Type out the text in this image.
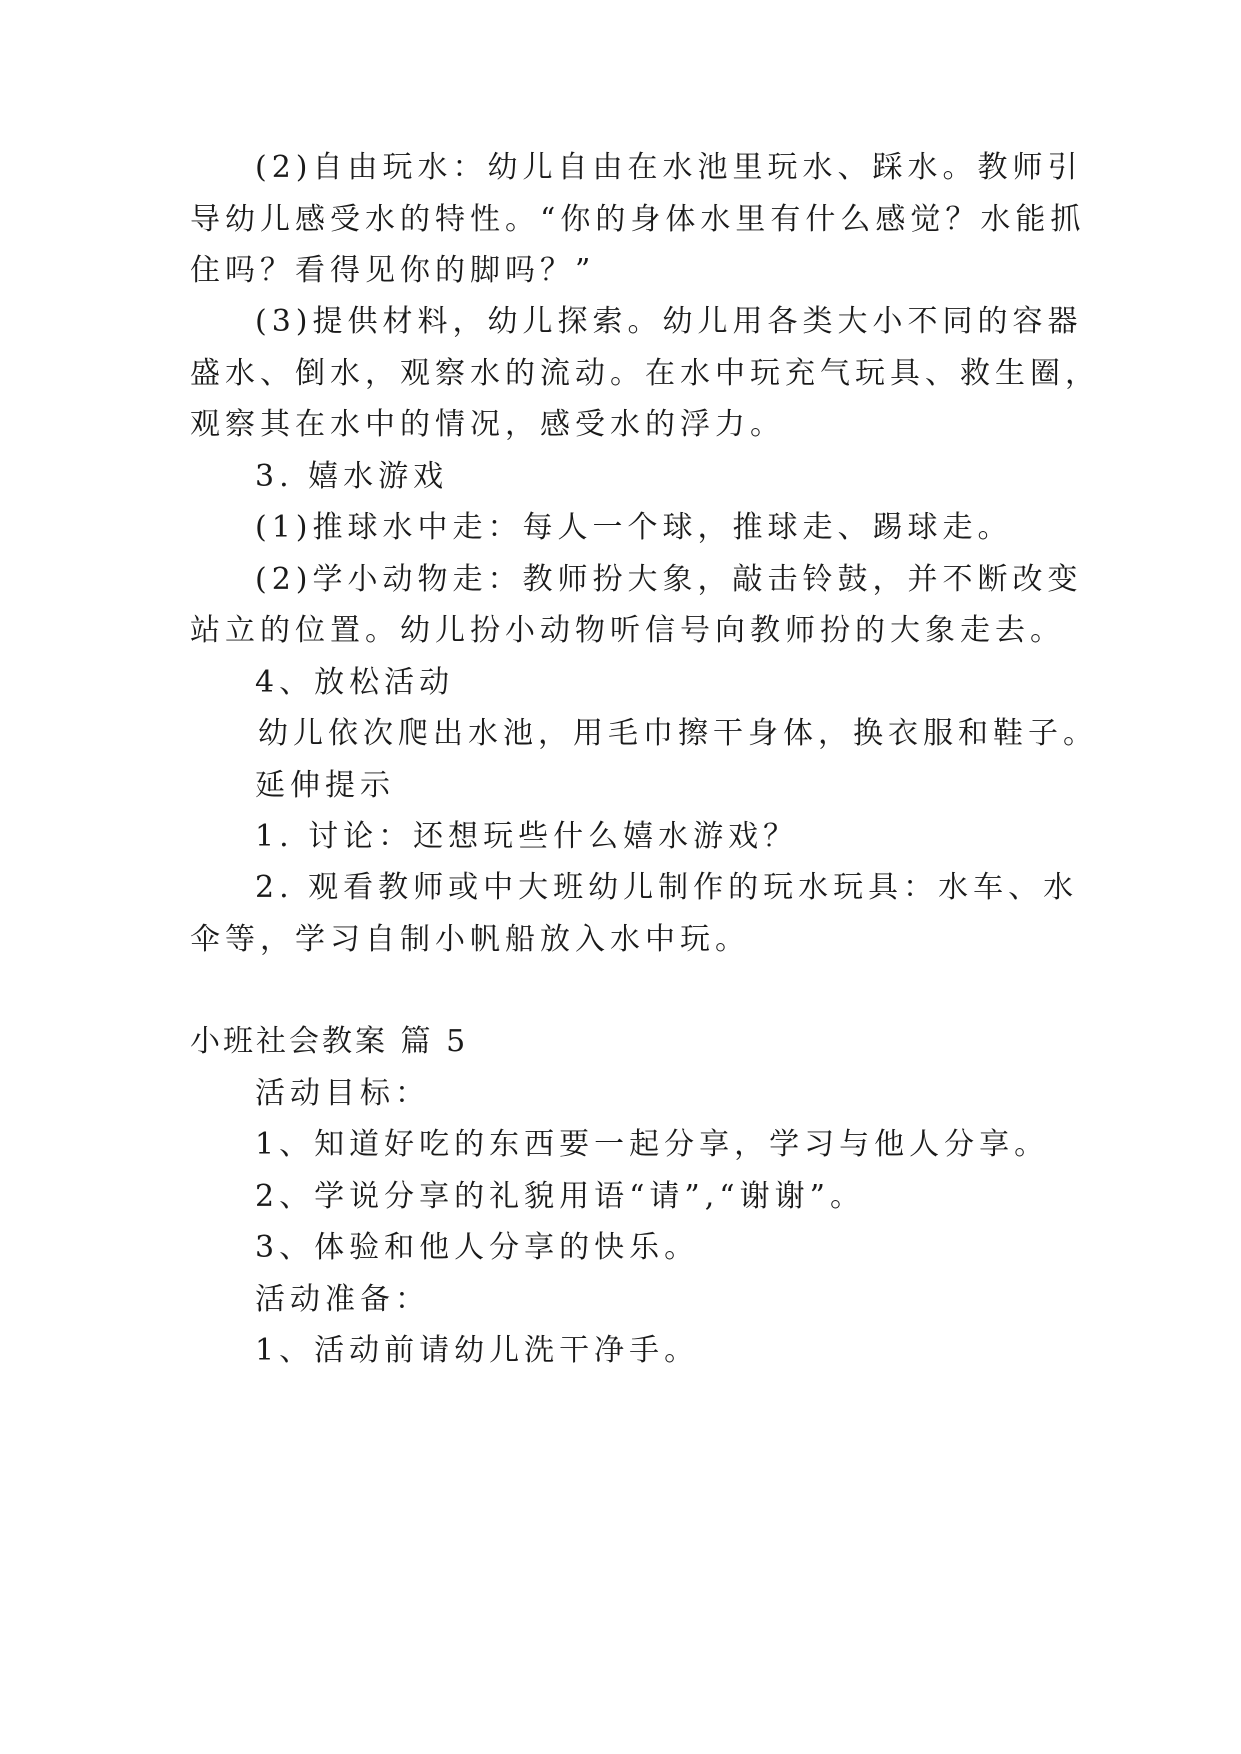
(2)自由玩水：幼儿自由在水池里玩水、踩水。教师引
导幼儿感受水的特性。“你的身体水里有什么感觉？水能抓
住吗？看得见你的脚吗？”
(3)提供材料，幼儿探索。幼儿用各类大小不同的容器
盛水、倒水，观察水的流动。在水中玩充气玩具、救生圈，
观察其在水中的情况，感受水的浮力。
3. 嬉水游戏
(1)推球水中走：每人一个球，推球走、踢球走。
(2)学小动物走：教师扮大象，敲击铃鼓，并不断改变
站立的位置。幼儿扮小动物听信号向教师扮的大象走去。
4、放松活动
幼儿依次爬出水池，用毛巾擦干身体，换衣服和鞋子。
延伸提示
1. 讨论：还想玩些什么嬉水游戏？
2. 观看教师或中大班幼儿制作的玩水玩具：水车、水
伞等，学习自制小帆船放入水中玩。
小班社会教案 篇 5
活动目标：
1、知道好吃的东西要一起分享，学习与他人分享。
2、学说分享的礼貌用语“请”,“谢谢”。
3、体验和他人分享的快乐。
活动准备：
1、活动前请幼儿洗干净手。
